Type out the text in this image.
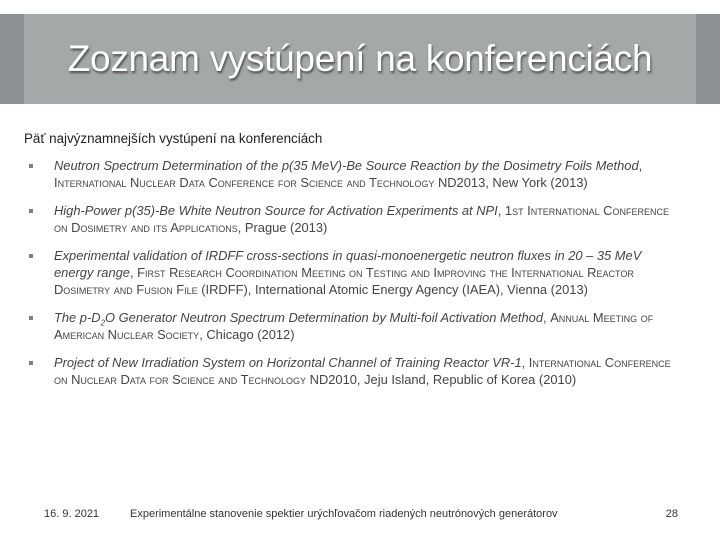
Zoznam vystúpení na konferenciách
Päť najvýznamnejších vystúpení na konferenciách
Neutron Spectrum Determination of the p(35 MeV)-Be Source Reaction by the Dosimetry Foils Method, International Nuclear Data Conference for Science and Technology ND2013, New York (2013)
High-Power p(35)-Be White Neutron Source for Activation Experiments at NPI, 1st International Conference on Dosimetry and its Applications, Prague (2013)
Experimental validation of IRDFF cross-sections in quasi-monoenergetic neutron fluxes in 20 – 35 MeV energy range, First Research Coordination Meeting on Testing and Improving the International Reactor Dosimetry and Fusion File (IRDFF), International Atomic Energy Agency (IAEA), Vienna (2013)
The $p-D_2O$ Generator Neutron Spectrum Determination by Multi-foil Activation Method, Annual Meeting of American Nuclear Society, Chicago (2012)
Project of New Irradiation System on Horizontal Channel of Training Reactor VR-1, International Conference on Nuclear Data for Science and Technology ND2010, Jeju Island, Republic of Korea (2010)
16. 9. 2021	Experimentálne stanovenie spektier urýchľovačom riadených neutrónových generátorov	28
